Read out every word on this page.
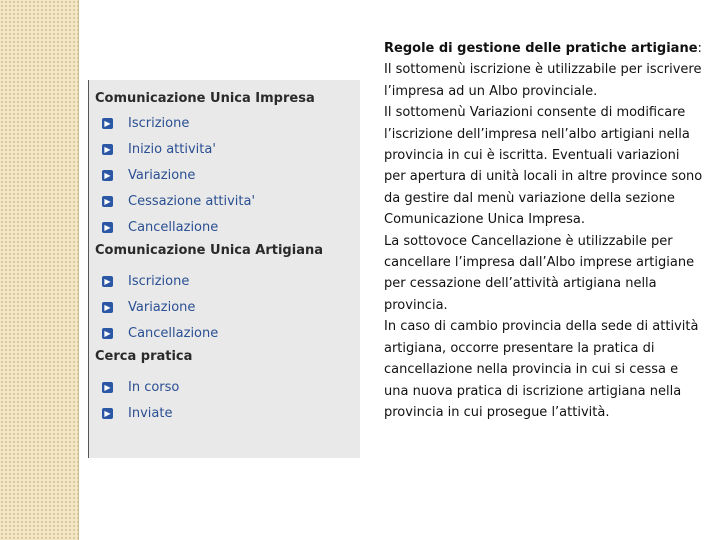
Comunicazione Unica Impresa
▶ Iscrizione
▶ Inizio attivita'
▶ Variazione
▶ Cessazione attivita'
▶ Cancellazione
Comunicazione Unica Artigiana
▶ Iscrizione
▶ Variazione
▶ Cancellazione
Cerca pratica
▶ In corso
▶ Inviate

Regole di gestione delle pratiche artigiane:

Il sottomenù iscrizione è utilizzabile per iscrivere l’impresa ad un Albo provinciale.

Il sottomenù Variazioni consente di modificare l’iscrizione dell’impresa nell’albo artigiani nella provincia in cui è iscritta. Eventuali variazioni per apertura di unità locali in altre province sono da gestire dal menù variazione della sezione Comunicazione Unica Impresa.

La sottovoce Cancellazione è utilizzabile per cancellare l’impresa dall’Albo imprese artigiane per cessazione dell’attività artigiana nella provincia.

In caso di cambio provincia della sede di attività artigiana, occorre presentare la pratica di cancellazione nella provincia in cui si cessa e una nuova pratica di iscrizione artigiana nella provincia in cui prosegue l’attività.
